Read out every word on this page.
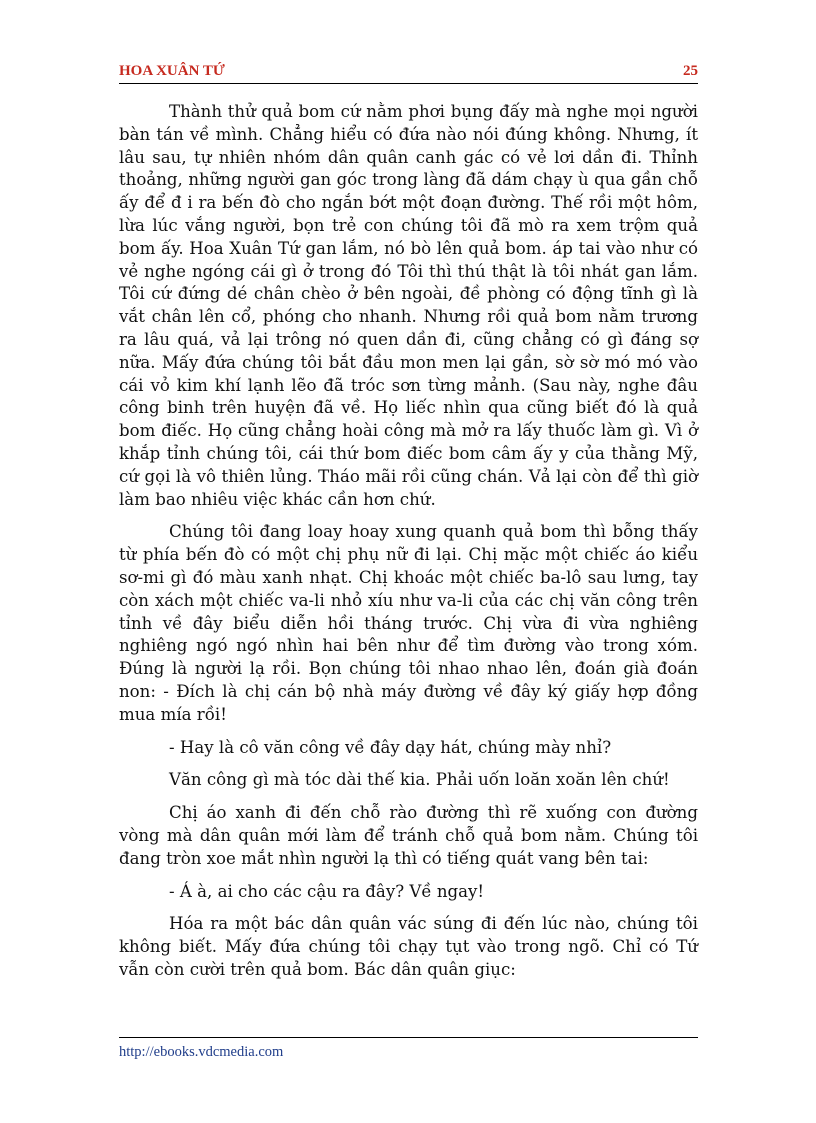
HOA XUÂN TỨ	25

Thành thử quả bom cứ nằm phơi bụng đấy mà nghe mọi người bàn tán về mình. Chẳng hiểu có đứa nào nói đúng không. Nhưng, ít lâu sau, tự nhiên nhóm dân quân canh gác có vẻ lơi dần đi. Thỉnh thoảng, những người gan góc trong làng đã dám chạy ù qua gần chỗ ấy để đ i ra bến đò cho ngắn bớt một đoạn đường. Thế rồi một hôm, lừa lúc vắng người, bọn trẻ con chúng tôi đã mò ra xem trộm quả bom ấy. Hoa Xuân Tứ gan lắm, nó bò lên quả bom. áp tai vào như có vẻ nghe ngóng cái gì ở trong đó Tôi thì thú thật là tôi nhát gan lắm. Tôi cứ đứng dé chân chèo ở bên ngoài, đề phòng có động tĩnh gì là vắt chân lên cổ, phóng cho nhanh. Nhưng rồi quả bom nằm trương ra lâu quá, vả lại trông nó quen dần đi, cũng chẳng có gì đáng sợ nữa. Mấy đứa chúng tôi bắt đầu mon men lại gần, sờ sờ mó mó vào cái vỏ kim khí lạnh lẽo đã tróc sơn từng mảnh. (Sau này, nghe đâu công binh trên huyện đã về. Họ liếc nhìn qua cũng biết đó là quả bom điếc. Họ cũng chẳng hoài công mà mở ra lấy thuốc làm gì. Vì ở khắp tỉnh chúng tôi, cái thứ bom điếc bom câm ấy y của thằng Mỹ, cứ gọi là vô thiên lủng. Tháo mãi rồi cũng chán. Vả lại còn để thì giờ làm bao nhiêu việc khác cần hơn chứ.

Chúng tôi đang loay hoay xung quanh quả bom thì bỗng thấy từ phía bến đò có một chị phụ nữ đi lại. Chị mặc một chiếc áo kiểu sơ-mi gì đó màu xanh nhạt. Chị khoác một chiếc ba-lô sau lưng, tay còn xách một chiếc va-li nhỏ xíu như va-li của các chị văn công trên tỉnh về đây biểu diễn hồi tháng trước. Chị vừa đi vừa nghiêng nghiêng ngó ngó nhìn hai bên như để tìm đường vào trong xóm. Đúng là người lạ rồi. Bọn chúng tôi nhao nhao lên, đoán già đoán non: - Đích là chị cán bộ nhà máy đường về đây ký giấy hợp đồng mua mía rồi!

- Hay là cô văn công về đây dạy hát, chúng mày nhỉ?

Văn công gì mà tóc dài thế kia. Phải uốn loăn xoăn lên chứ!

Chị áo xanh đi đến chỗ rào đường thì rẽ xuống con đường vòng mà dân quân mới làm để tránh chỗ quả bom nằm. Chúng tôi đang tròn xoe mắt nhìn người lạ thì có tiếng quát vang bên tai:

- Á à, ai cho các cậu ra đây? Về ngay!

Hóa ra một bác dân quân vác súng đi đến lúc nào, chúng tôi không biết. Mấy đứa chúng tôi chạy tụt vào trong ngõ. Chỉ có Tứ vẫn còn cười trên quả bom. Bác dân quân giục:

http://ebooks.vdcmedia.com
